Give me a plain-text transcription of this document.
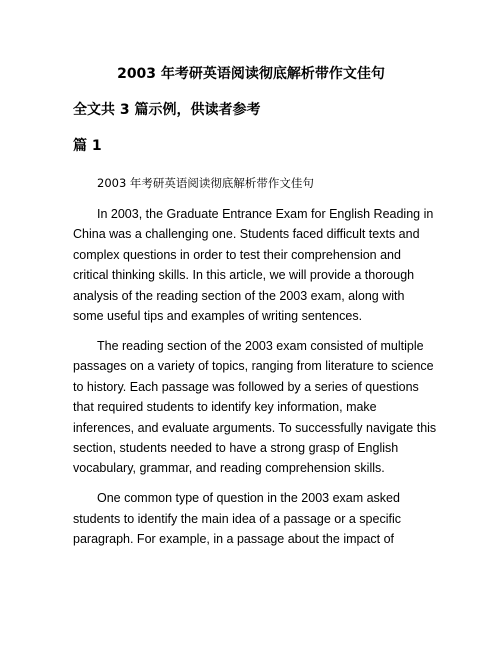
2003 年考研英语阅读彻底解析带作文佳句
全文共 3 篇示例，供读者参考
篇 1
2003 年考研英语阅读彻底解析带作文佳句

In 2003, the Graduate Entrance Exam for English Reading in
China was a challenging one. Students faced difficult texts and
complex questions in order to test their comprehension and
critical thinking skills. In this article, we will provide a thorough
analysis of the reading section of the 2003 exam, along with
some useful tips and examples of writing sentences.

The reading section of the 2003 exam consisted of multiple
passages on a variety of topics, ranging from literature to science
to history. Each passage was followed by a series of questions
that required students to identify key information, make
inferences, and evaluate arguments. To successfully navigate this
section, students needed to have a strong grasp of English
vocabulary, grammar, and reading comprehension skills.

One common type of question in the 2003 exam asked
students to identify the main idea of a passage or a specific
paragraph. For example, in a passage about the impact of
